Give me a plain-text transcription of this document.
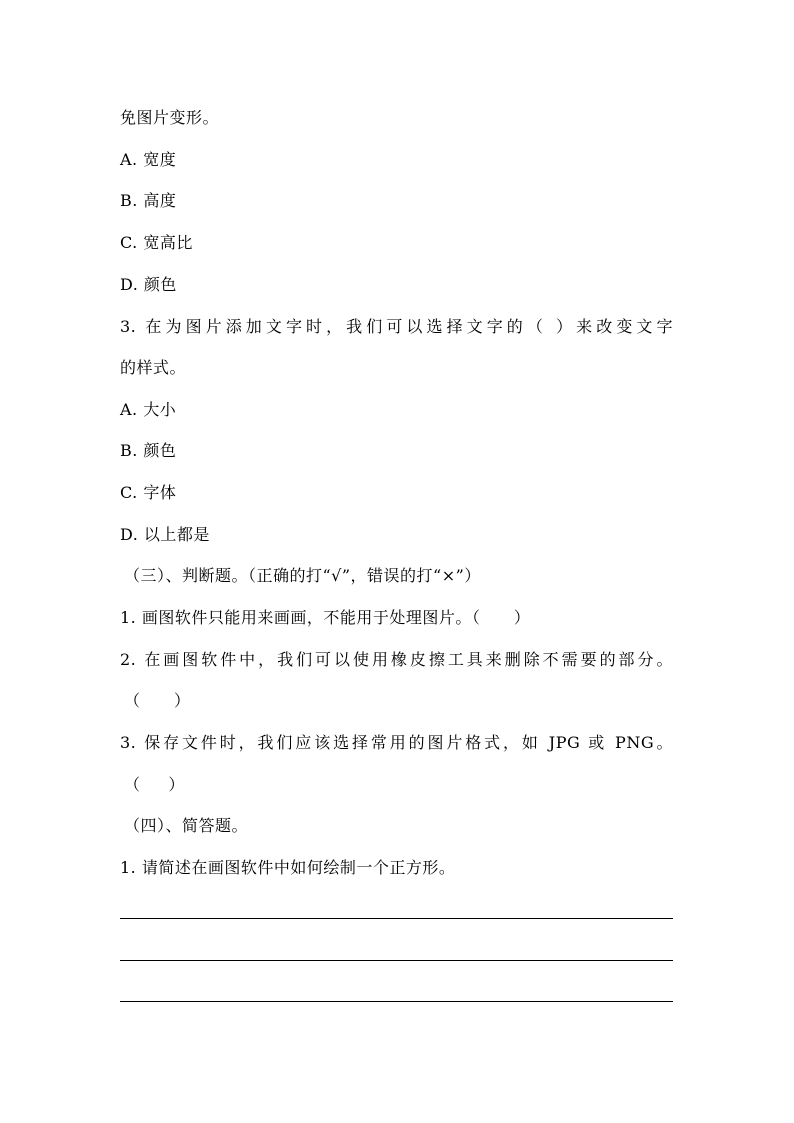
免图片变形。
A. 宽度
B. 高度
C. 宽高比
D. 颜色
3. 在为图片添加文字时，我们可以选择文字的（ ）来改变文字
的样式。
A. 大小
B. 颜色
C. 字体
D. 以上都是
（三）、判断题。（正确的打“√”，错误的打“×”）
1. 画图软件只能用来画画，不能用于处理图片。（      ）
2. 在画图软件中，我们可以使用橡皮擦工具来删除不需要的部分。
（      ）
3. 保存文件时，我们应该选择常用的图片格式，如 JPG 或 PNG。
（     ）
（四）、简答题。
1. 请简述在画图软件中如何绘制一个正方形。
